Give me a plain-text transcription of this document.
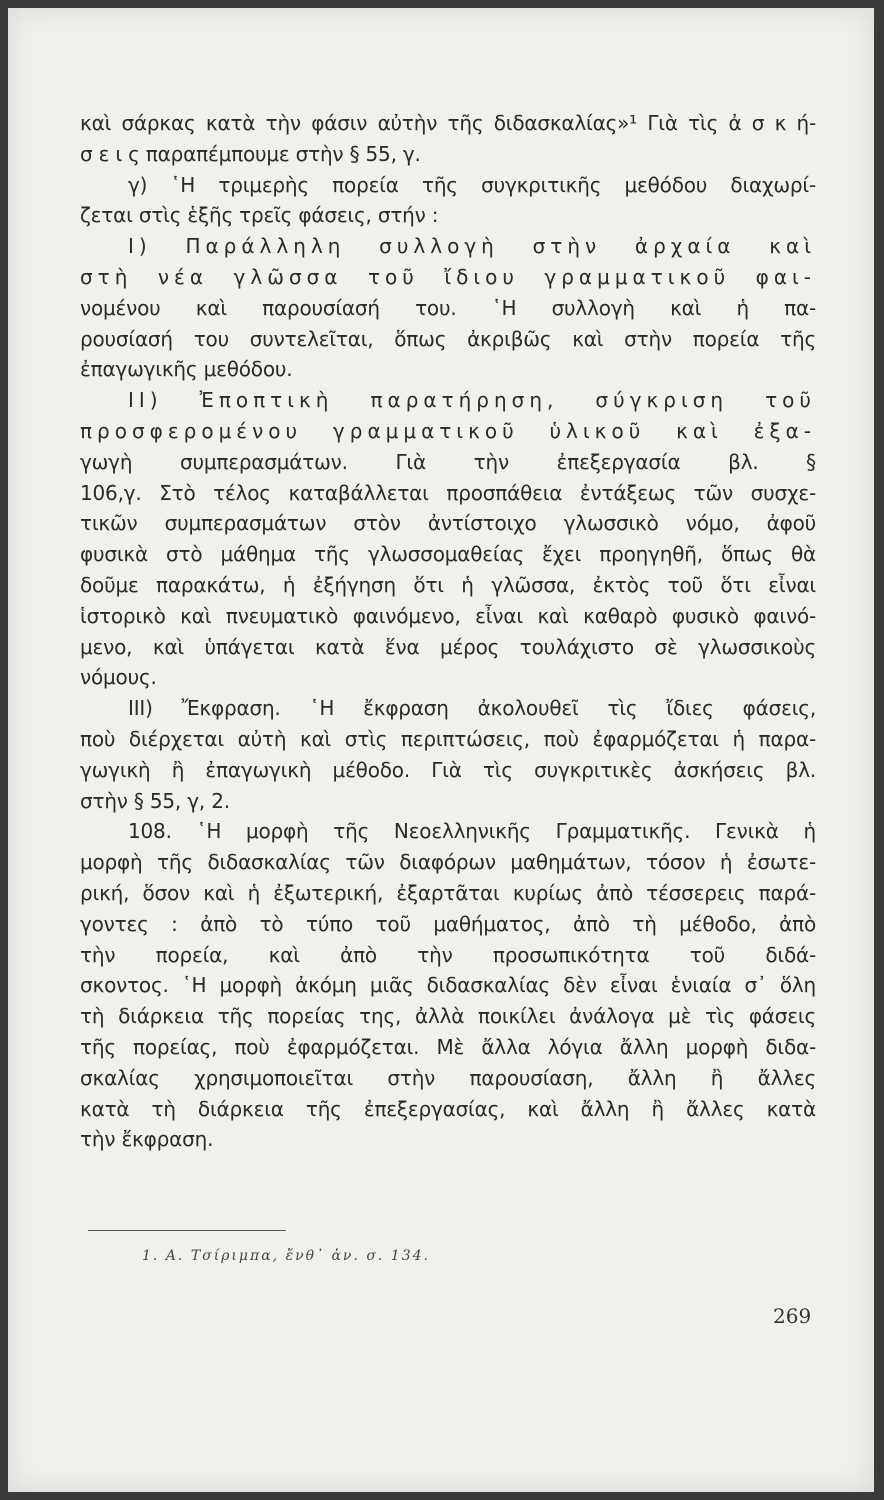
καὶ σάρκας κατὰ τὴν φάσιν αὐτὴν τῆς διδασκαλίας»¹ Γιὰ τὶς ἀ σ κ ή-
σ ε ι ς παραπέμπουμε στὴν § 55, γ.
γ) ῾Η τριμερὴς πορεία τῆς συγκριτικῆς μεθόδου διαχωρί-
ζεται στὶς ἑξῆς τρεῖς φάσεις, στήν :
I) Παράλληλη συλλογὴ στὴν ἀρχαία καὶ
στὴ νέα γλῶσσα τοῦ ἴδιου γραμματικοῦ φαι-
νομένου καὶ παρουσίασή του. ῾Η συλλογὴ καὶ ἡ πα-
ρουσίασή του συντελεῖται, ὅπως ἀκριβῶς καὶ στὴν πορεία τῆς
ἐπαγωγικῆς μεθόδου.
II) Ἐποπτικὴ παρατήρηση, σύγκριση τοῦ
προσφερομένου γραμματικοῦ ὑλικοῦ καὶ ἐξα-
γωγὴ συμπερασμάτων. Γιὰ τὴν ἐπεξεργασία βλ. §
106,γ. Στὸ τέλος καταβάλλεται προσπάθεια ἐντάξεως τῶν συσχε-
τικῶν συμπερασμάτων στὸν ἀντίστοιχο γλωσσικὸ νόμο, ἀφοῦ
φυσικὰ στὸ μάθημα τῆς γλωσσομαθείας ἔχει προηγηθῆ, ὅπως θὰ
δοῦμε παρακάτω, ἡ ἐξήγηση ὅτι ἡ γλῶσσα, ἐκτὸς τοῦ ὅτι εἶναι
ἱστορικὸ καὶ πνευματικὸ φαινόμενο, εἶναι καὶ καθαρὸ φυσικὸ φαινό-
μενο, καὶ ὑπάγεται κατὰ ἕνα μέρος τουλάχιστο σὲ γλωσσικοὺς
νόμους.
III) Ἔκφραση. ῾Η ἔκφραση ἀκολουθεῖ τὶς ἴδιες φάσεις,
ποὺ διέρχεται αὐτὴ καὶ στὶς περιπτώσεις, ποὺ ἐφαρμόζεται ἡ παρα-
γωγικὴ ἢ ἐπαγωγικὴ μέθοδο. Γιὰ τὶς συγκριτικὲς ἀσκήσεις βλ.
στὴν § 55, γ, 2.
108. ῾Η μορφὴ τῆς Νεοελληνικῆς Γραμματικῆς. Γενικὰ ἡ
μορφὴ τῆς διδασκαλίας τῶν διαφόρων μαθημάτων, τόσον ἡ ἐσωτε-
ρική, ὅσον καὶ ἡ ἐξωτερική, ἐξαρτᾶται κυρίως ἀπὸ τέσσερεις παρά-
γοντες : ἀπὸ τὸ τύπο τοῦ μαθήματος, ἀπὸ τὴ μέθοδο, ἀπὸ
τὴν πορεία, καὶ ἀπὸ τὴν προσωπικότητα τοῦ διδά-
σκοντος. ῾Η μορφὴ ἀκόμη μιᾶς διδασκαλίας δὲν εἶναι ἑνιαία σ᾿ ὅλη
τὴ διάρκεια τῆς πορείας της, ἀλλὰ ποικίλει ἀνάλογα μὲ τὶς φάσεις
τῆς πορείας, ποὺ ἐφαρμόζεται. Μὲ ἄλλα λόγια ἄλλη μορφὴ διδα-
σκαλίας χρησιμοποιεῖται στὴν παρουσίαση, ἄλλη ἢ ἄλλες
κατὰ τὴ διάρκεια τῆς ἐπεξεργασίας, καὶ ἄλλη ἢ ἄλλες κατὰ
τὴν ἔκφραση.
1. Α. Τσίριμπα, ἔνθ᾿ ἀν. σ. 134.
269
